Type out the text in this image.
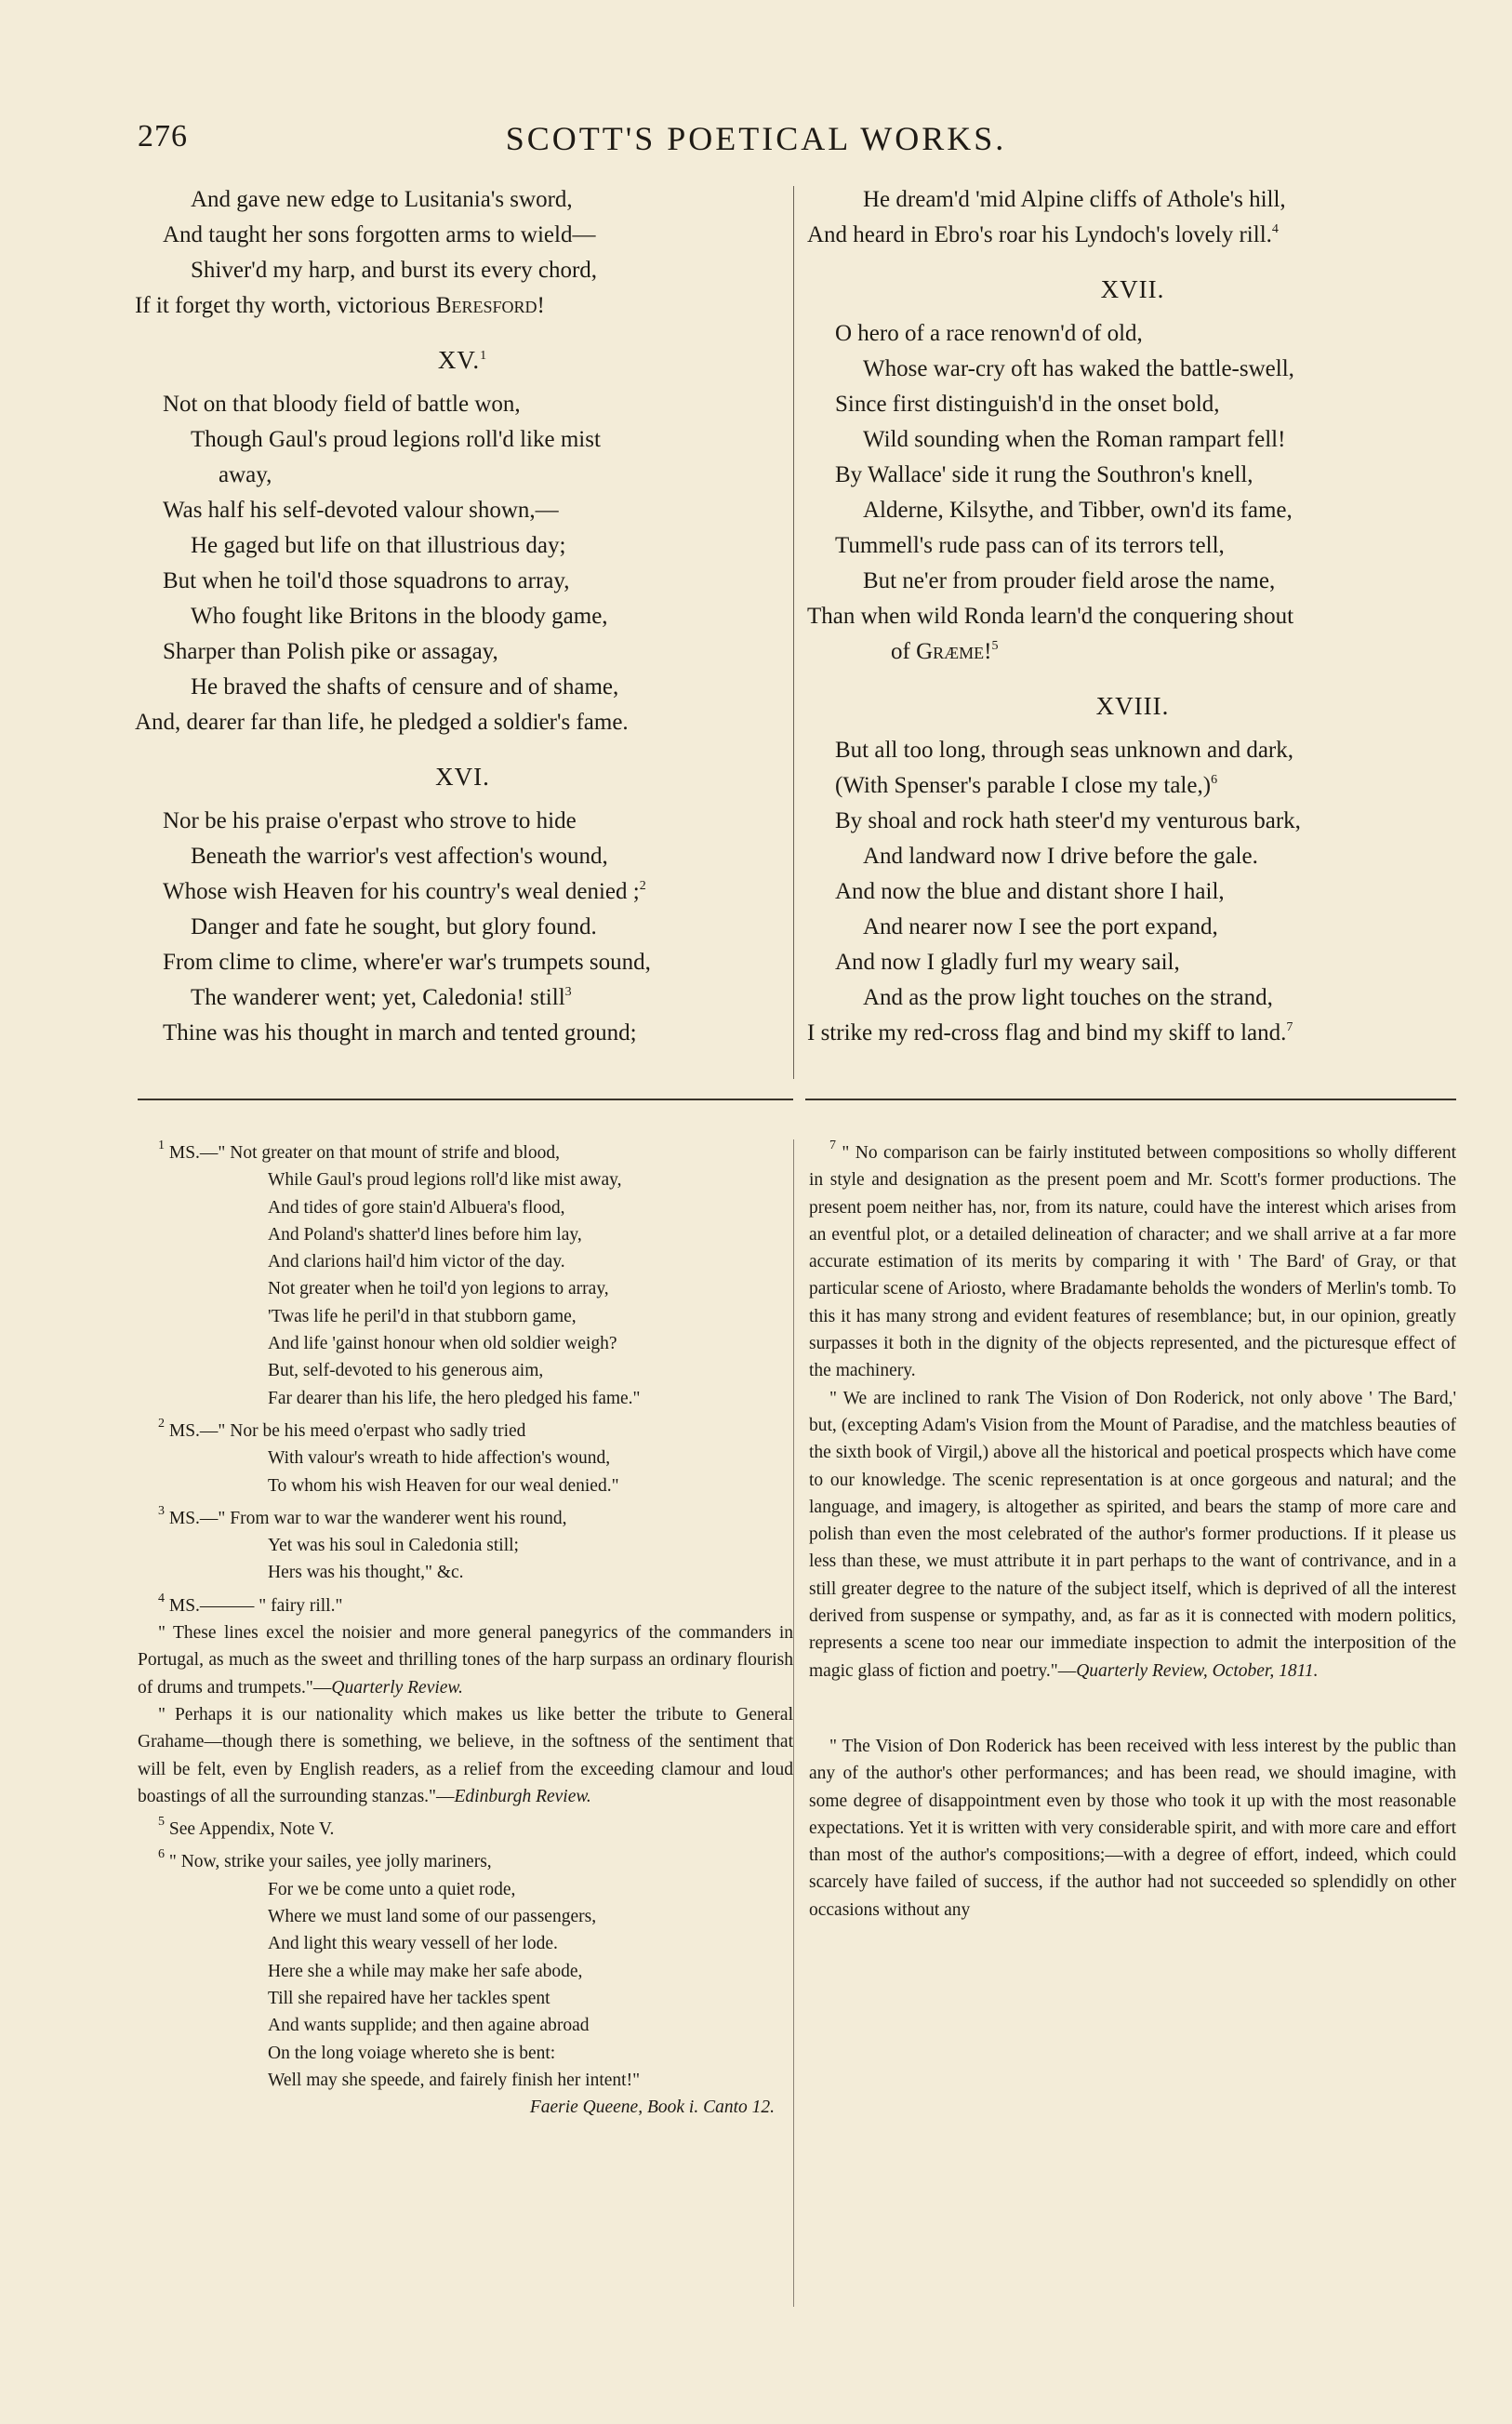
276	SCOTT'S POETICAL WORKS.
And gave new edge to Lusitania's sword,
And taught her sons forgotten arms to wield—
Shiver'd my harp, and burst its every chord,
If it forget thy worth, victorious Beresford!
XV.$^1$
Not on that bloody field of battle won,
Though Gaul's proud legions roll'd like mist
away,
Was half his self-devoted valour shown,—
He gaged but life on that illustrious day;
But when he toil'd those squadrons to array,
Who fought like Britons in the bloody game,
Sharper than Polish pike or assagay,
He braved the shafts of censure and of shame,
And, dearer far than life, he pledged a soldier's fame.
XVI.
Nor be his praise o'erpast who strove to hide
Beneath the warrior's vest affection's wound,
Whose wish Heaven for his country's weal denied ;$^2$
Danger and fate he sought, but glory found.
From clime to clime, where'er war's trumpets sound,
The wanderer went; yet, Caledonia! still$^3$
Thine was his thought in march and tented ground;
He dream'd 'mid Alpine cliffs of Athole's hill,
And heard in Ebro's roar his Lyndoch's lovely rill.$^4$
XVII.
O hero of a race renown'd of old,
Whose war-cry oft has waked the battle-swell,
Since first distinguish'd in the onset bold,
Wild sounding when the Roman rampart fell!
By Wallace' side it rung the Southron's knell,
Alderne, Kilsythe, and Tibber, own'd its fame,
Tummell's rude pass can of its terrors tell,
But ne'er from prouder field arose the name,
Than when wild Ronda learn'd the conquering shout
of Græme!$^5$
XVIII.
But all too long, through seas unknown and dark,
(With Spenser's parable I close my tale,)$^6$
By shoal and rock hath steer'd my venturous bark,
And landward now I drive before the gale.
And now the blue and distant shore I hail,
And nearer now I see the port expand,
And now I gladly furl my weary sail,
And as the prow light touches on the strand,
I strike my red-cross flag and bind my skiff to land.$^7$
$^1$ MS.—" Not greater on that mount of strife and blood,
While Gaul's proud legions roll'd like mist away,
And tides of gore stain'd Albuera's flood,
And Poland's shatter'd lines before him lay,
And clarions hail'd him victor of the day.
Not greater when he toil'd yon legions to array,
'Twas life he peril'd in that stubborn game,
And life 'gainst honour when old soldier weigh?
But, self-devoted to his generous aim,
Far dearer than his life, the hero pledged his fame."
$^2$ MS.—" Nor be his meed o'erpast who sadly tried
With valour's wreath to hide affection's wound,
To whom his wish Heaven for our weal denied."
$^3$ MS.—" From war to war the wanderer went his round,
Yet was his soul in Caledonia still;
Hers was his thought," &c.
$^4$ MS.——— " fairy rill."
" These lines excel the noisier and more general panegyrics of the commanders in Portugal, as much as the sweet and thrilling tones of the harp surpass an ordinary flourish of drums and trumpets."—Quarterly Review.
" Perhaps it is our nationality which makes us like better the tribute to General Grahame—though there is something, we believe, in the softness of the sentiment that will be felt, even by English readers, as a relief from the exceeding clamour and loud boastings of all the surrounding stanzas."—Edinburgh Review.
$^5$ See Appendix, Note V.
$^6$ " Now, strike your sailes, yee jolly mariners,
For we be come unto a quiet rode,
Where we must land some of our passengers,
And light this weary vessell of her lode.
Here she a while may make her safe abode,
Till she repaired have her tackles spent
And wants supplide; and then againe abroad
On the long voiage whereto she is bent:
Well may she speede, and fairely finish her intent!"
Faerie Queene, Book i. Canto 12.
$^7$ " No comparison can be fairly instituted between compositions so wholly different in style and designation as the present poem and Mr. Scott's former productions. The present poem neither has, nor, from its nature, could have the interest which arises from an eventful plot, or a detailed delineation of character; and we shall arrive at a far more accurate estimation of its merits by comparing it with ' The Bard' of Gray, or that particular scene of Ariosto, where Bradamante beholds the wonders of Merlin's tomb. To this it has many strong and evident features of resemblance; but, in our opinion, greatly surpasses it both in the dignity of the objects represented, and the picturesque effect of the machinery.
" We are inclined to rank The Vision of Don Roderick, not only above ' The Bard,' but, (excepting Adam's Vision from the Mount of Paradise, and the matchless beauties of the sixth book of Virgil,) above all the historical and poetical prospects which have come to our knowledge. The scenic representation is at once gorgeous and natural; and the language, and imagery, is altogether as spirited, and bears the stamp of more care and polish than even the most celebrated of the author's former productions. If it please us less than these, we must attribute it in part perhaps to the want of contrivance, and in a still greater degree to the nature of the subject itself, which is deprived of all the interest derived from suspense or sympathy, and, as far as it is connected with modern politics, represents a scene too near our immediate inspection to admit the interposition of the magic glass of fiction and poetry."—Quarterly Review, October, 1811.
" The Vision of Don Roderick has been received with less interest by the public than any of the author's other performances; and has been read, we should imagine, with some degree of disappointment even by those who took it up with the most reasonable expectations. Yet it is written with very considerable spirit, and with more care and effort than most of the author's compositions;—with a degree of effort, indeed, which could scarcely have failed of success, if the author had not succeeded so splendidly on other occasions without any
